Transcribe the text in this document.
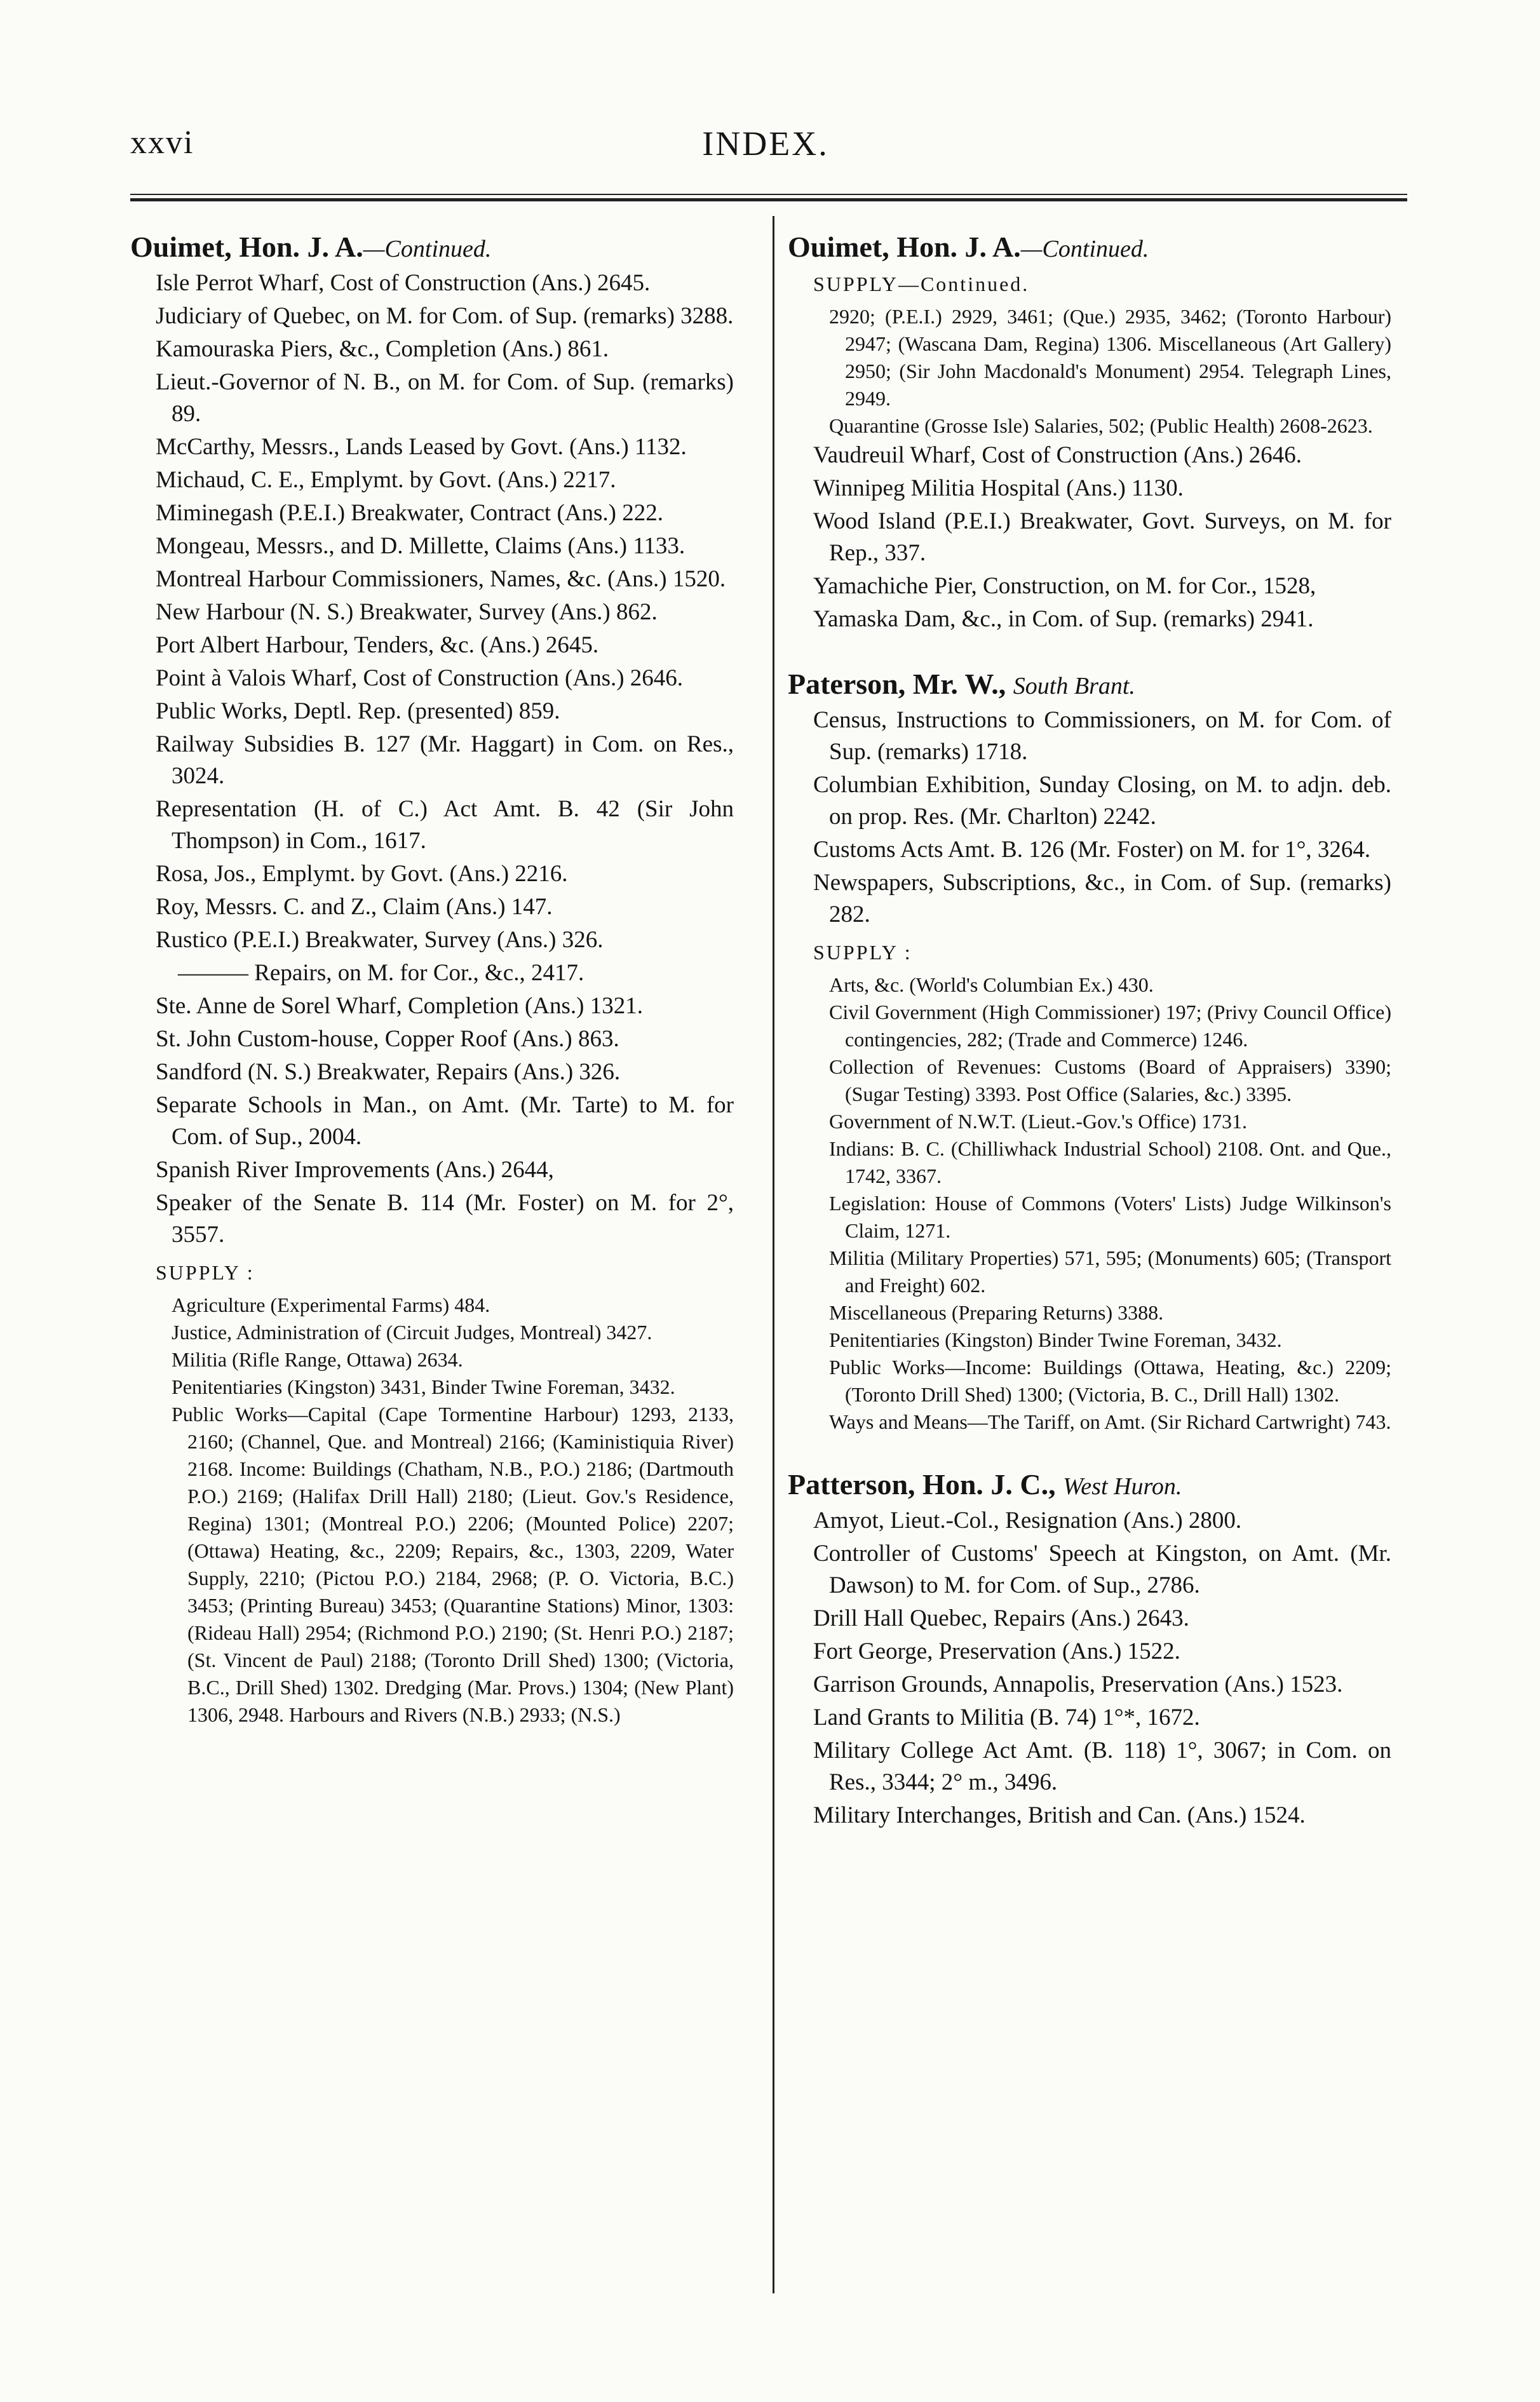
xxvi	INDEX.

Ouimet, Hon. J. A.—Continued.

Isle Perrot Wharf, Cost of Construction (Ans.) 2645.

Judiciary of Quebec, on M. for Com. of Sup. (remarks) 3288.

Kamouraska Piers, &c., Completion (Ans.) 861.

Lieut.-Governor of N. B., on M. for Com. of Sup. (remarks) 89.

McCarthy, Messrs., Lands Leased by Govt. (Ans.) 1132.

Michaud, C. E., Emplymt. by Govt. (Ans.) 2217.

Miminegash (P.E.I.) Breakwater, Contract (Ans.) 222.

Mongeau, Messrs., and D. Millette, Claims (Ans.) 1133.

Montreal Harbour Commissioners, Names, &c. (Ans.) 1520.

New Harbour (N. S.) Breakwater, Survey (Ans.) 862.

Port Albert Harbour, Tenders, &c. (Ans.) 2645.

Point à Valois Wharf, Cost of Construction (Ans.) 2646.

Public Works, Deptl. Rep. (presented) 859.

Railway Subsidies B. 127 (Mr. Haggart) in Com. on Res., 3024.

Representation (H. of C.) Act Amt. B. 42 (Sir John Thompson) in Com., 1617.

Rosa, Jos., Emplymt. by Govt. (Ans.) 2216.

Roy, Messrs. C. and Z., Claim (Ans.) 147.

Rustico (P.E.I.) Breakwater, Survey (Ans.) 326.

——— Repairs, on M. for Cor., &c., 2417.

Ste. Anne de Sorel Wharf, Completion (Ans.) 1321.

St. John Custom-house, Copper Roof (Ans.) 863.

Sandford (N. S.) Breakwater, Repairs (Ans.) 326.

Separate Schools in Man., on Amt. (Mr. Tarte) to M. for Com. of Sup., 2004.

Spanish River Improvements (Ans.) 2644,

Speaker of the Senate B. 114 (Mr. Foster) on M. for 2°, 3557.

SUPPLY :

Agriculture (Experimental Farms) 484.

Justice, Administration of (Circuit Judges, Montreal) 3427.

Militia (Rifle Range, Ottawa) 2634.

Penitentiaries (Kingston) 3431, Binder Twine Foreman, 3432.

Public Works—Capital (Cape Tormentine Harbour) 1293, 2133, 2160; (Channel, Que. and Montreal) 2166; (Kaministiquia River) 2168. Income: Buildings (Chatham, N.B., P.O.) 2186; (Dartmouth P.O.) 2169; (Halifax Drill Hall) 2180; (Lieut. Gov.'s Residence, Regina) 1301; (Montreal P.O.) 2206; (Mounted Police) 2207; (Ottawa) Heating, &c., 2209; Repairs, &c., 1303, 2209, Water Supply, 2210; (Pictou P.O.) 2184, 2968; (P. O. Victoria, B.C.) 3453; (Printing Bureau) 3453; (Quarantine Stations) Minor, 1303: (Rideau Hall) 2954; (Richmond P.O.) 2190; (St. Henri P.O.) 2187; (St. Vincent de Paul) 2188; (Toronto Drill Shed) 1300; (Victoria, B.C., Drill Shed) 1302. Dredging (Mar. Provs.) 1304; (New Plant) 1306, 2948. Harbours and Rivers (N.B.) 2933; (N.S.)

Ouimet, Hon. J. A.—Continued.

SUPPLY—Continued.

2920; (P.E.I.) 2929, 3461; (Que.) 2935, 3462; (Toronto Harbour) 2947; (Wascana Dam, Regina) 1306. Miscellaneous (Art Gallery) 2950; (Sir John Macdonald's Monument) 2954. Telegraph Lines, 2949.

Quarantine (Grosse Isle) Salaries, 502; (Public Health) 2608-2623.

Vaudreuil Wharf, Cost of Construction (Ans.) 2646.

Winnipeg Militia Hospital (Ans.) 1130.

Wood Island (P.E.I.) Breakwater, Govt. Surveys, on M. for Rep., 337.

Yamachiche Pier, Construction, on M. for Cor., 1528,

Yamaska Dam, &c., in Com. of Sup. (remarks) 2941.

Paterson, Mr. W., South Brant.

Census, Instructions to Commissioners, on M. for Com. of Sup. (remarks) 1718.

Columbian Exhibition, Sunday Closing, on M. to adjn. deb. on prop. Res. (Mr. Charlton) 2242.

Customs Acts Amt. B. 126 (Mr. Foster) on M. for 1°, 3264.

Newspapers, Subscriptions, &c., in Com. of Sup. (remarks) 282.

SUPPLY :

Arts, &c. (World's Columbian Ex.) 430.

Civil Government (High Commissioner) 197; (Privy Council Office) contingencies, 282; (Trade and Commerce) 1246.

Collection of Revenues: Customs (Board of Appraisers) 3390; (Sugar Testing) 3393. Post Office (Salaries, &c.) 3395.

Government of N.W.T. (Lieut.-Gov.'s Office) 1731.

Indians: B. C. (Chilliwhack Industrial School) 2108. Ont. and Que., 1742, 3367.

Legislation: House of Commons (Voters' Lists) Judge Wilkinson's Claim, 1271.

Militia (Military Properties) 571, 595; (Monuments) 605; (Transport and Freight) 602.

Miscellaneous (Preparing Returns) 3388.

Penitentiaries (Kingston) Binder Twine Foreman, 3432.

Public Works—Income: Buildings (Ottawa, Heating, &c.) 2209; (Toronto Drill Shed) 1300; (Victoria, B. C., Drill Hall) 1302.

Ways and Means—The Tariff, on Amt. (Sir Richard Cartwright) 743.

Patterson, Hon. J. C., West Huron.

Amyot, Lieut.-Col., Resignation (Ans.) 2800.

Controller of Customs' Speech at Kingston, on Amt. (Mr. Dawson) to M. for Com. of Sup., 2786.

Drill Hall Quebec, Repairs (Ans.) 2643.

Fort George, Preservation (Ans.) 1522.

Garrison Grounds, Annapolis, Preservation (Ans.) 1523.

Land Grants to Militia (B. 74) 1°*, 1672.

Military College Act Amt. (B. 118) 1°, 3067; in Com. on Res., 3344; 2° m., 3496.

Military Interchanges, British and Can. (Ans.) 1524.
